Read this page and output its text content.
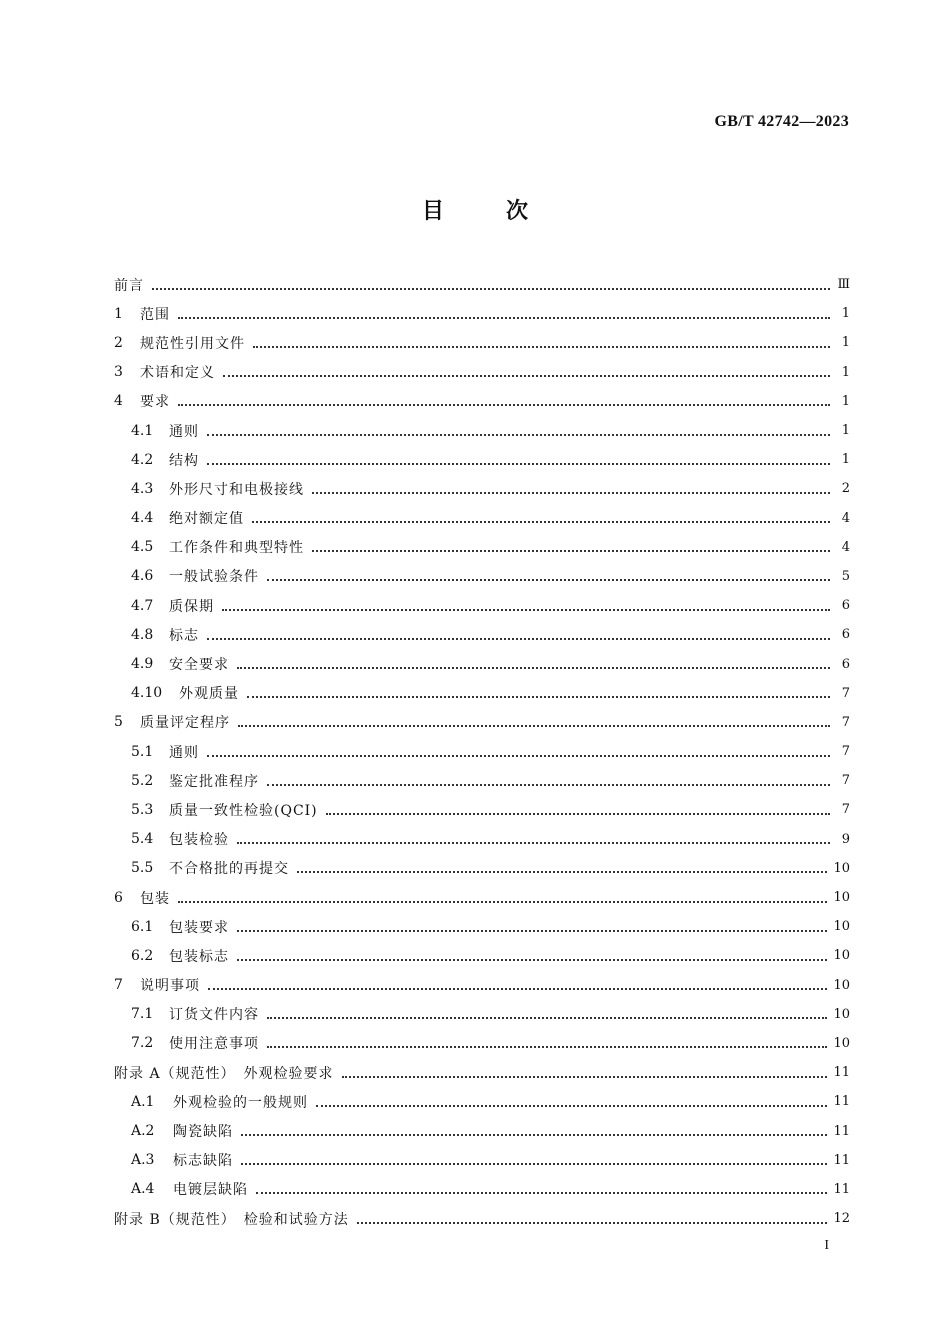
GB/T 42742—2023
目	次
前言	Ⅲ
1	范围	1
2	规范性引用文件	1
3	术语和定义	1
4	要求	1
4.1	通则	1
4.2	结构	1
4.3	外形尺寸和电极接线	2
4.4	绝对额定值	4
4.5	工作条件和典型特性	4
4.6	一般试验条件	5
4.7	质保期	6
4.8	标志	6
4.9	安全要求	6
4.10	外观质量	7
5	质量评定程序	7
5.1	通则	7
5.2	鉴定批准程序	7
5.3	质量一致性检验(QCI)	7
5.4	包装检验	9
5.5	不合格批的再提交	10
6	包装	10
6.1	包装要求	10
6.2	包装标志	10
7	说明事项	10
7.1	订货文件内容	10
7.2	使用注意事项	10
附录 A（规范性）　外观检验要求	11
A.1	外观检验的一般规则	11
A.2	陶瓷缺陷	11
A.3	标志缺陷	11
A.4	电镀层缺陷	11
附录 B（规范性）　检验和试验方法	12
I
